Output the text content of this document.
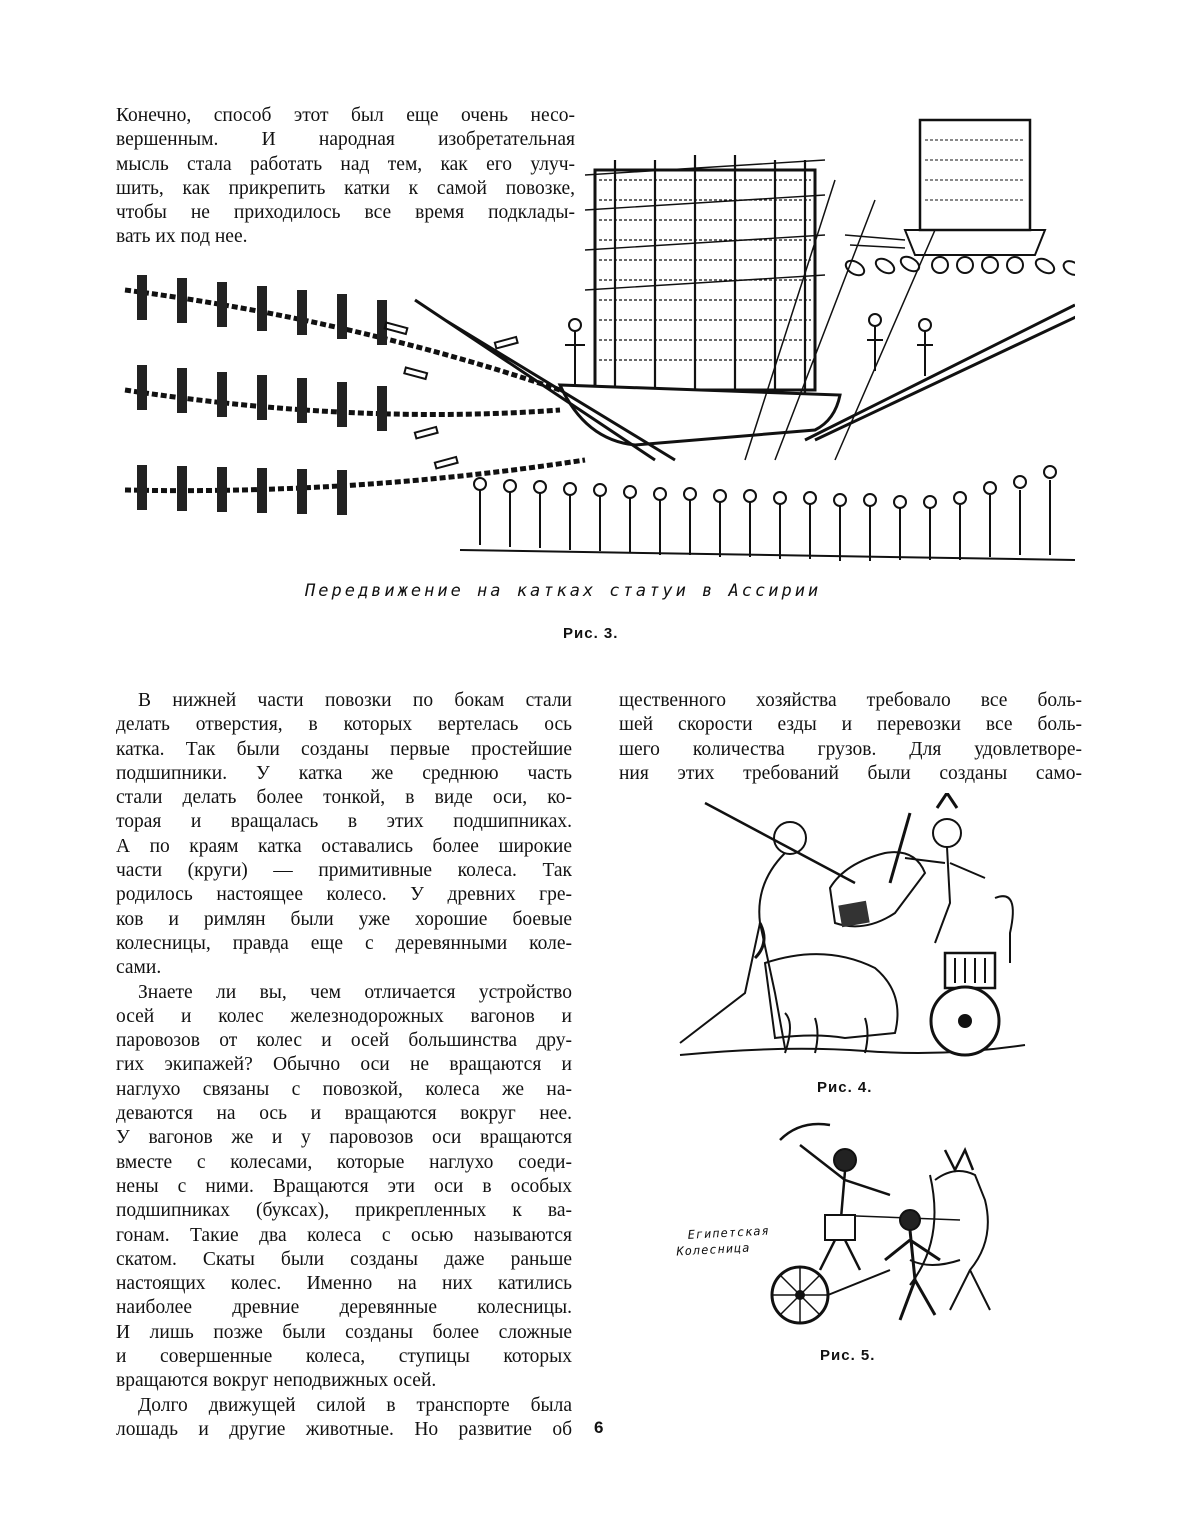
Конечно, способ этот был еще очень несо-
вершенным. И народная изобретательная
мысль стала работать над тем, как его улуч-
шить, как прикрепить катки к самой повозке,
чтобы не приходилось все время подклады-
вать их под нее.
Передвижение на катках статуи в Ассирии
Рис. 3.
В нижней части повозки по бокам стали
делать отверстия, в которых вертелась ось
катка. Так были созданы первые простейшие
подшипники. У катка же среднюю часть
стали делать более тонкой, в виде оси, ко-
торая и вращалась в этих подшипниках.
А по краям катка оставались более широкие
части (круги) — примитивные колеса. Так
родилось настоящее колесо. У древних гре-
ков и римлян были уже хорошие боевые
колесницы, правда еще с деревянными коле-
сами.
Знаете ли вы, чем отличается устройство
осей и колес железнодорожных вагонов и
паровозов от колес и осей большинства дру-
гих экипажей? Обычно оси не вращаются и
наглухо связаны с повозкой, колеса же на-
деваются на ось и вращаются вокруг нее.
У вагонов же и у паровозов оси вращаются
вместе с колесами, которые наглухо соеди-
нены с ними. Вращаются эти оси в особых
подшипниках (буксах), прикрепленных к ва-
гонам. Такие два колеса с осью называются
скатом. Скаты были созданы даже раньше
настоящих колес. Именно на них катились
наиболее древние деревянные колесницы.
И лишь позже были созданы более сложные
и совершенные колеса, ступицы которых
вращаются вокруг неподвижных осей.
Долго движущей силой в транспорте была
лошадь и другие животные. Но развитие об
щественного хозяйства требовало все боль-
шей скорости езды и перевозки все боль-
шего количества грузов. Для удовлетворе-
ния этих требований были созданы само-
Рис. 4.
Египетская
Колесница
Рис. 5.
6
